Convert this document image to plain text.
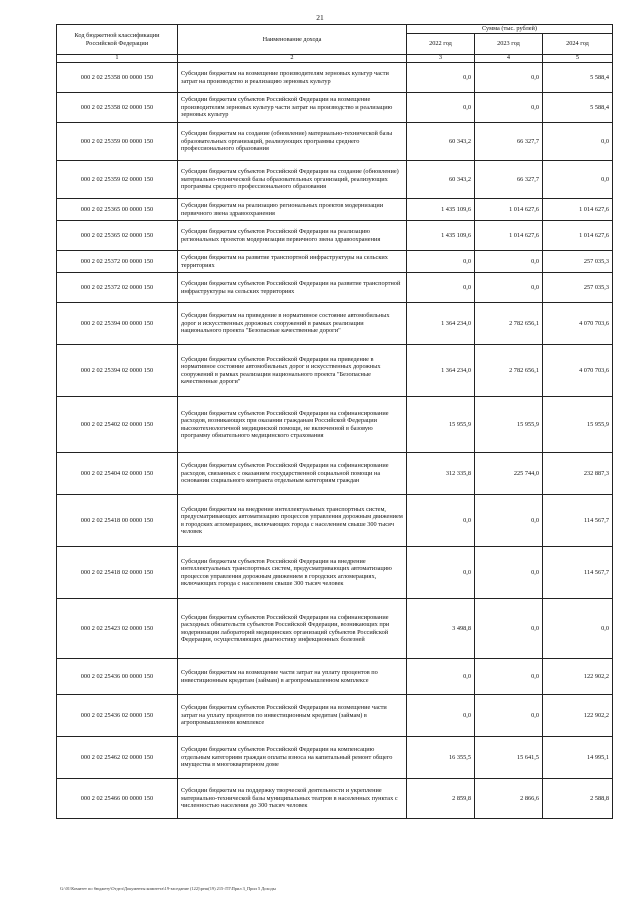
21
Код бюджетной классификации Российской Федерации	Наименование дохода	Сумма (тыс. рублей)		
		2022 год	2023 год	2024 год
1	2	3	4	5
000 2 02 25358 00 0000 150	Субсидии бюджетам на возмещение производителям зерновых культур части затрат на производство и реализацию зерновых культур	0,0	0,0	5 588,4
000 2 02 25358 02 0000 150	Субсидии бюджетам субъектов Российской Федерации на возмещение производителям зерновых культур части затрат на производство и реализацию зерновых культур	0,0	0,0	5 588,4
000 2 02 25359 00 0000 150	Субсидии бюджетам на создание (обновление) материально-технической базы образовательных организаций, реализующих программы среднего профессионального образования	60 343,2	66 327,7	0,0
000 2 02 25359 02 0000 150	Субсидии бюджетам субъектов Российской Федерации на создание (обновление) материально-технической базы образовательных организаций, реализующих программы среднего профессионального образования	60 343,2	66 327,7	0,0
000 2 02 25365 00 0000 150	Субсидии бюджетам на реализацию региональных проектов модернизации первичного звена здравоохранения	1 435 109,6	1 014 627,6	1 014 627,6
000 2 02 25365 02 0000 150	Субсидии бюджетам субъектов Российской Федерации на реализацию региональных проектов модернизации первичного звена здравоохранения	1 435 109,6	1 014 627,6	1 014 627,6
000 2 02 25372 00 0000 150	Субсидии бюджетам на развитие транспортной инфраструктуры на сельских территориях	0,0	0,0	257 035,3
000 2 02 25372 02 0000 150	Субсидии бюджетам субъектов Российской Федерации на развитие транспортной инфраструктуры на сельских территориях	0,0	0,0	257 035,3
000 2 02 25394 00 0000 150	Субсидии бюджетам на приведение в нормативное состояние автомобильных дорог и искусственных дорожных сооружений в рамках реализации национального проекта "Безопасные качественные дороги"	1 364 234,0	2 782 656,1	4 070 703,6
000 2 02 25394 02 0000 150	Субсидии бюджетам субъектов Российской Федерации на приведение в нормативное состояние автомобильных дорог и искусственных дорожных сооружений в рамках реализации национального проекта "Безопасные качественные дороги"	1 364 234,0	2 782 656,1	4 070 703,6
000 2 02 25402 02 0000 150	Субсидии бюджетам субъектов Российской Федерации на софинансирование расходов, возникающих при оказании гражданам Российской Федерации высокотехнологичной медицинской помощи, не включенной в базовую программу обязательного медицинского страхования	15 955,9	15 955,9	15 955,9
000 2 02 25404 02 0000 150	Субсидии бюджетам субъектов Российской Федерации на софинансирование расходов, связанных с оказанием государственной социальной помощи на основании социального контракта отдельным категориям граждан	312 335,8	225 744,0	232 887,3
000 2 02 25418 00 0000 150	Субсидии бюджетам на внедрение интеллектуальных транспортных систем, предусматривающих автоматизацию процессов управления дорожным движением в городских агломерациях, включающих города с населением свыше 300 тысяч человек	0,0	0,0	114 567,7
000 2 02 25418 02 0000 150	Субсидии бюджетам субъектов Российской Федерации на внедрение интеллектуальных транспортных систем, предусматривающих автоматизацию процессов управления дорожным движением в городских агломерациях, включающих города с населением свыше 300 тысяч человек	0,0	0,0	114 567,7
000 2 02 25423 02 0000 150	Субсидии бюджетам субъектов Российской Федерации на софинансирование расходных обязательств субъектов Российской Федерации, возникающих при модернизации лабораторий медицинских организаций субъектов Российской Федерации, осуществляющих диагностику инфекционных болезней	3 498,8	0,0	0,0
000 2 02 25436 00 0000 150	Субсидии бюджетам на возмещение части затрат на уплату процентов по инвестиционным кредитам (займам) в агропромышленном комплексе	0,0	0,0	122 902,2
000 2 02 25436 02 0000 150	Субсидии бюджетам субъектов Российской Федерации на возмещение части затрат на уплату процентов по инвестиционным кредитам (займам) в агропромышленном комплексе	0,0	0,0	122 902,2
000 2 02 25462 02 0000 150	Субсидии бюджетам субъектов Российской Федерации на компенсацию отдельным категориям граждан оплаты взноса на капитальный ремонт общего имущества в многоквартирном доме	16 355,5	15 641,5	14 995,1
000 2 02 25466 00 0000 150	Субсидии бюджетам на поддержку творческой деятельности и укрепление материально-технической базы муниципальных театров в населенных пунктах с численностью населения до 300 тысяч человек	2 859,8	2 866,6	2 588,8
G:\01\Комитет по бюджету\Отдел\Документы комитета\19-заседание (122)\реш(19) 215-ЛТ\Прил 3_Прил 5 Доходы
